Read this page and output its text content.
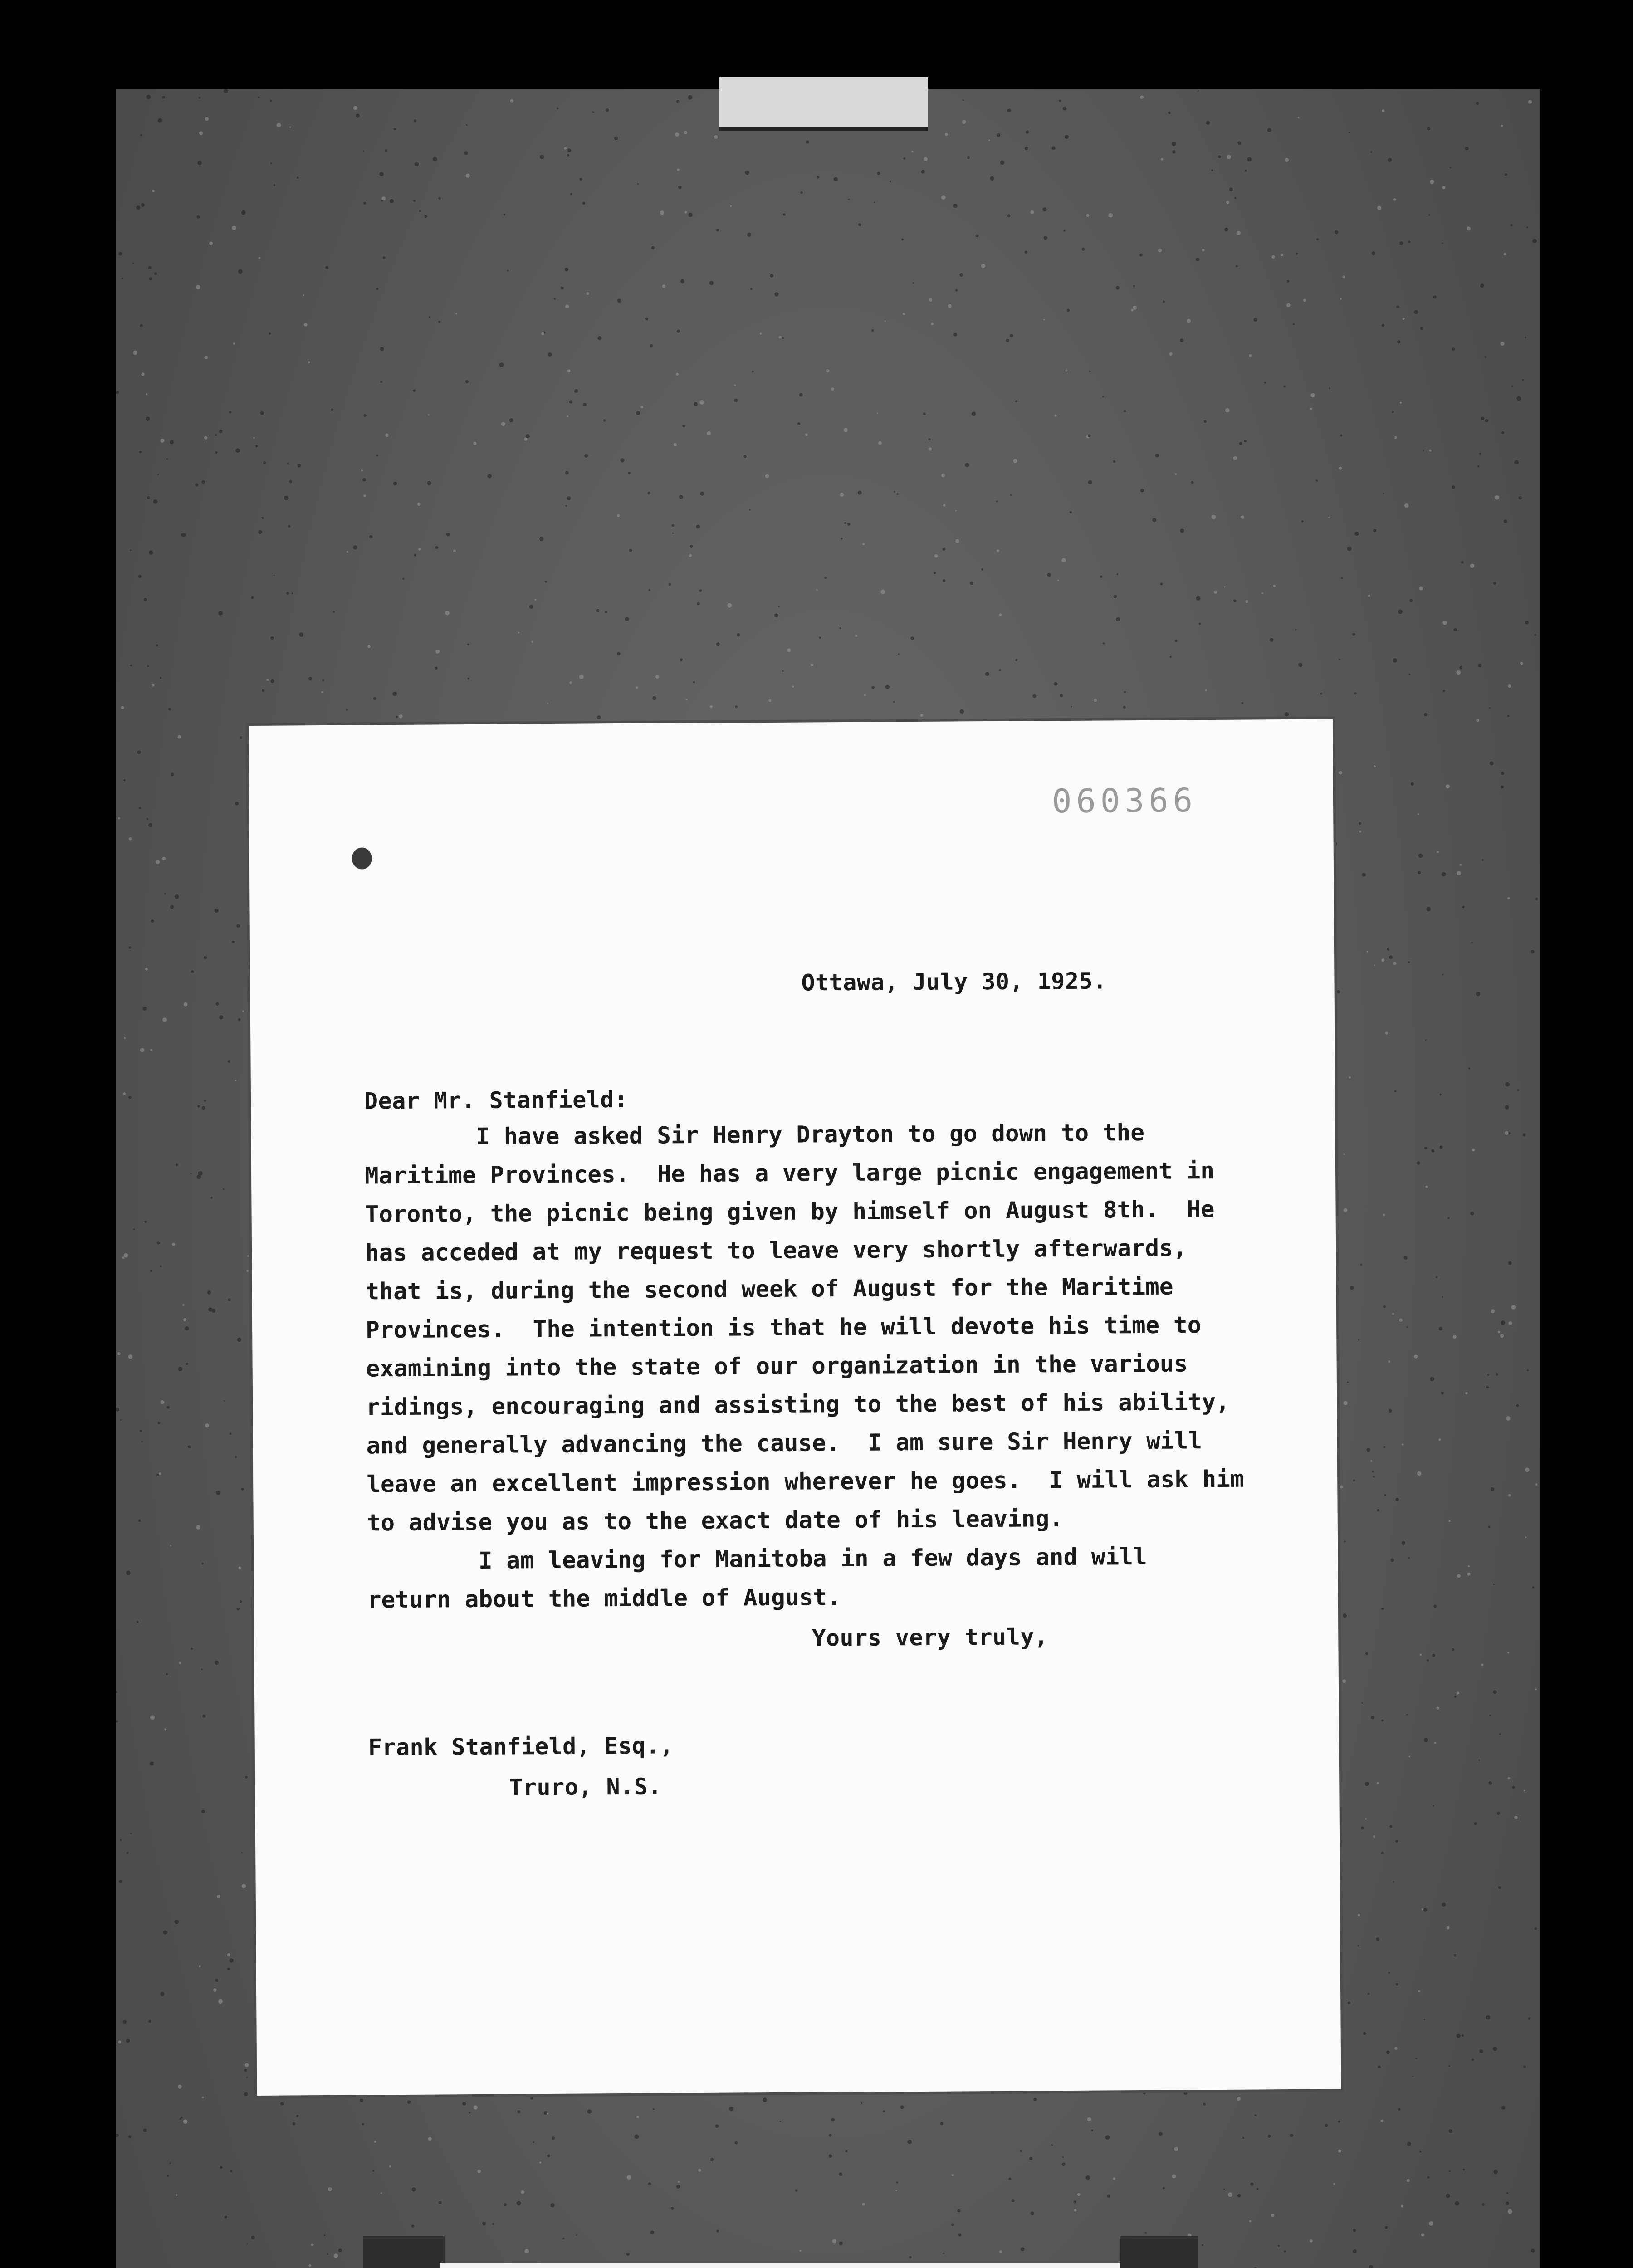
060366
Ottawa, July 30, 1925.
Dear Mr. Stanfield:
I have asked Sir Henry Drayton to go down to the
Maritime Provinces.  He has a very large picnic engagement in
Toronto, the picnic being given by himself on August 8th.  He
has acceded at my request to leave very shortly afterwards,
that is, during the second week of August for the Maritime
Provinces.  The intention is that he will devote his time to
examining into the state of our organization in the various
ridings, encouraging and assisting to the best of his ability,
and generally advancing the cause.  I am sure Sir Henry will
leave an excellent impression wherever he goes.  I will ask him
to advise you as to the exact date of his leaving.
I am leaving for Manitoba in a few days and will
return about the middle of August.
Yours very truly,
Frank Stanfield, Esq.,
Truro, N.S.
